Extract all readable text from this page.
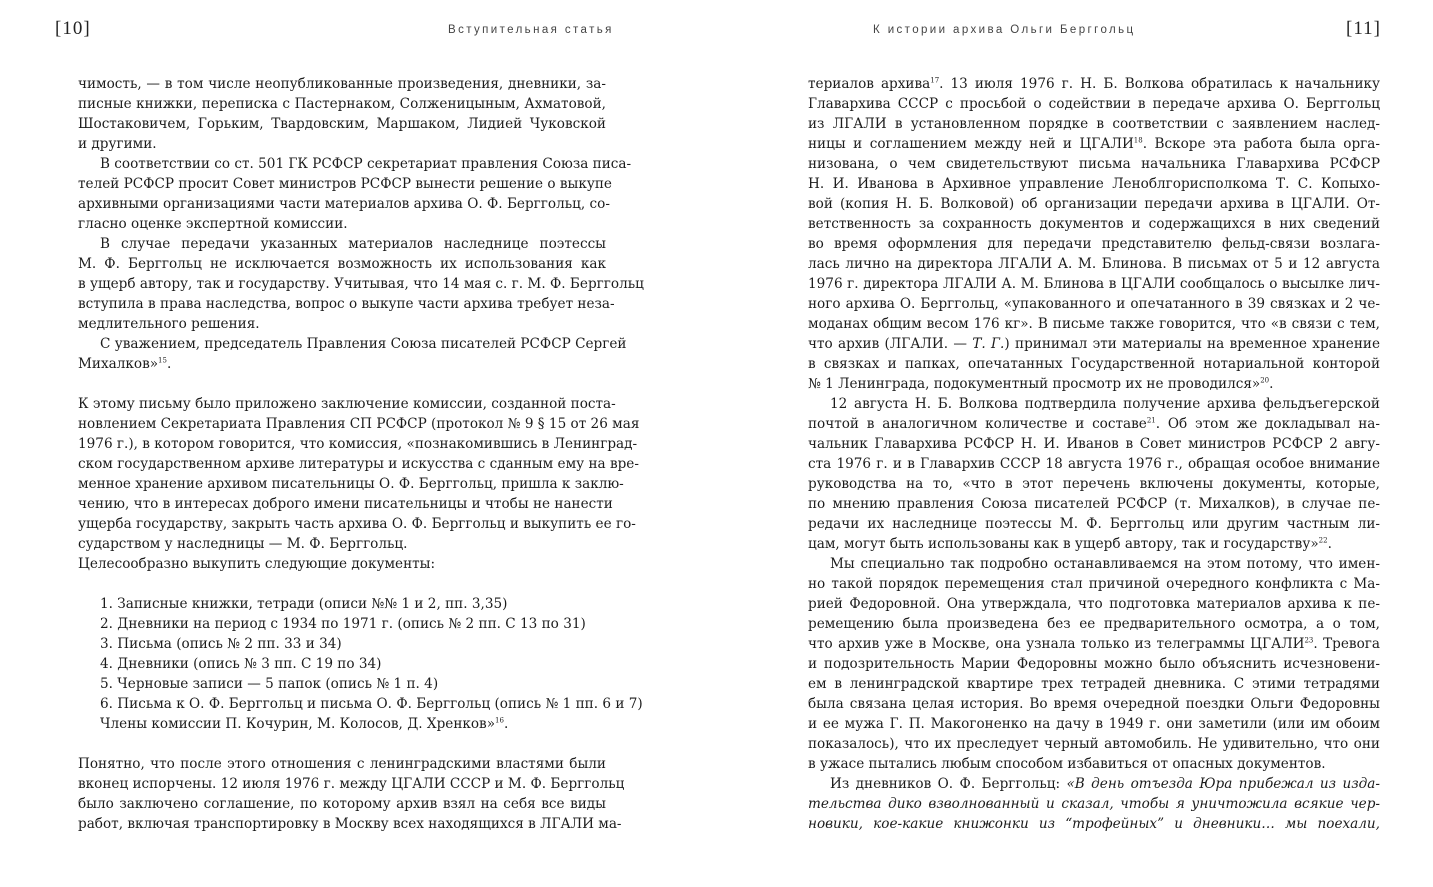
[10]	Вступительная статья
чимость, — в том числе неопубликованные произведения, дневники, за-
писные книжки, переписка с Пастернаком, Солженицыным, Ахматовой,
Шостаковичем, Горьким, Твардовским, Маршаком, Лидией Чуковской
и другими.
В соответствии со ст. 501 ГК РСФСР секретариат правления Союза писа-
телей РСФСР просит Совет министров РСФСР вынести решение о выкупе
архивными организациями части материалов архива О. Ф. Берггольц, со-
гласно оценке экспертной комиссии.
В случае передачи указанных материалов наследнице поэтессы
М. Ф. Берггольц не исключается возможность их использования как
в ущерб автору, так и государству. Учитывая, что 14 мая с. г. М. Ф. Берггольц
вступила в права наследства, вопрос о выкупе части архива требует неза-
медлительного решения.
С уважением, председатель Правления Союза писателей РСФСР Сергей
Михалков»$^{15}$.
К этому письму было приложено заключение комиссии, созданной поста-
новлением Секретариата Правления СП РСФСР (протокол № 9 § 15 от 26 мая
1976 г.), в котором говорится, что комиссия, «познакомившись в Ленинград-
ском государственном архиве литературы и искусства с сданным ему на вре-
менное хранение архивом писательницы О. Ф. Берггольц, пришла к заклю-
чению, что в интересах доброго имени писательницы и чтобы не нанести
ущерба государству, закрыть часть архива О. Ф. Берггольц и выкупить ее го-
сударством у наследницы — М. Ф. Берггольц.
Целесообразно выкупить следующие документы:
1. Записные книжки, тетради (описи №№ 1 и 2, пп. 3,35)
2. Дневники на период с 1934 по 1971 г. (опись № 2 пп. С 13 по 31)
3. Письма (опись № 2 пп. 33 и 34)
4. Дневники (опись № 3 пп. С 19 по 34)
5. Черновые записи — 5 папок (опись № 1 п. 4)
6. Письма к О. Ф. Берггольц и письма О. Ф. Берггольц (опись № 1 пп. 6 и 7)
Члены комиссии П. Кочурин, М. Колосов, Д. Хренков»$^{16}$.
Понятно, что после этого отношения с ленинградскими властями были
вконец испорчены. 12 июля 1976 г. между ЦГАЛИ СССР и М. Ф. Берггольц
было заключено соглашение, по которому архив взял на себя все виды
работ, включая транспортировку в Москву всех находящихся в ЛГАЛИ ма-
[11]
К истории архива Ольги Берггольц
териалов архива$^{17}$. 13 июля 1976 г. Н. Б. Волкова обратилась к начальнику
Главархива СССР с просьбой о содействии в передаче архива О. Берггольц
из ЛГАЛИ в установленном порядке в соответствии с заявлением наслед-
ницы и соглашением между ней и ЦГАЛИ$^{18}$. Вскоре эта работа была орга-
низована, о чем свидетельствуют письма начальника Главархива РСФСР
Н. И. Иванова в Архивное управление Леноблгорисполкома Т. С. Копыхо-
вой (копия Н. Б. Волковой) об организации передачи архива в ЦГАЛИ. От-
ветственность за сохранность документов и содержащихся в них сведений
во время оформления для передачи представителю фельд-связи возлага-
лась лично на директора ЛГАЛИ А. М. Блинова. В письмах от 5 и 12 августа
1976 г. директора ЛГАЛИ А. М. Блинова в ЦГАЛИ сообщалось о высылке лич-
ного архива О. Берггольц, «упакованного и опечатанного в 39 связках и 2 че-
моданах общим весом 176 кг». В письме также говорится, что «в связи с тем,
что архив (ЛГАЛИ. — Т. Г.) принимал эти материалы на временное хранение
в связках и папках, опечатанных Государственной нотариальной конторой
№ 1 Ленинграда, подокументный просмотр их не проводился»$^{20}$.
12 августа Н. Б. Волкова подтвердила получение архива фельдъегерской
почтой в аналогичном количестве и составе$^{21}$. Об этом же докладывал на-
чальник Главархива РСФСР Н. И. Иванов в Совет министров РСФСР 2 авгу-
ста 1976 г. и в Главархив СССР 18 августа 1976 г., обращая особое внимание
руководства на то, «что в этот перечень включены документы, которые,
по мнению правления Союза писателей РСФСР (т. Михалков), в случае пе-
редачи их наследнице поэтессы М. Ф. Берггольц или другим частным ли-
цам, могут быть использованы как в ущерб автору, так и государству»$^{22}$.
Мы специально так подробно останавливаемся на этом потому, что имен-
но такой порядок перемещения стал причиной очередного конфликта с Ма-
рией Федоровной. Она утверждала, что подготовка материалов архива к пе-
ремещению была произведена без ее предварительного осмотра, а о том,
что архив уже в Москве, она узнала только из телеграммы ЦГАЛИ$^{23}$. Тревога
и подозрительность Марии Федоровны можно было объяснить исчезновени-
ем в ленинградской квартире трех тетрадей дневника. С этими тетрадями
была связана целая история. Во время очередной поездки Ольги Федоровны
и ее мужа Г. П. Макогоненко на дачу в 1949 г. они заметили (или им обоим
показалось), что их преследует черный автомобиль. Не удивительно, что они
в ужасе пытались любым способом избавиться от опасных документов.
Из дневников О. Ф. Берггольц: «В день отъезда Юра прибежал из изда-
тельства дико взволнованный и сказал, чтобы я уничтожила всякие чер-
новики, кое-какие книжонки из “трофейных” и дневники… мы поехали,
